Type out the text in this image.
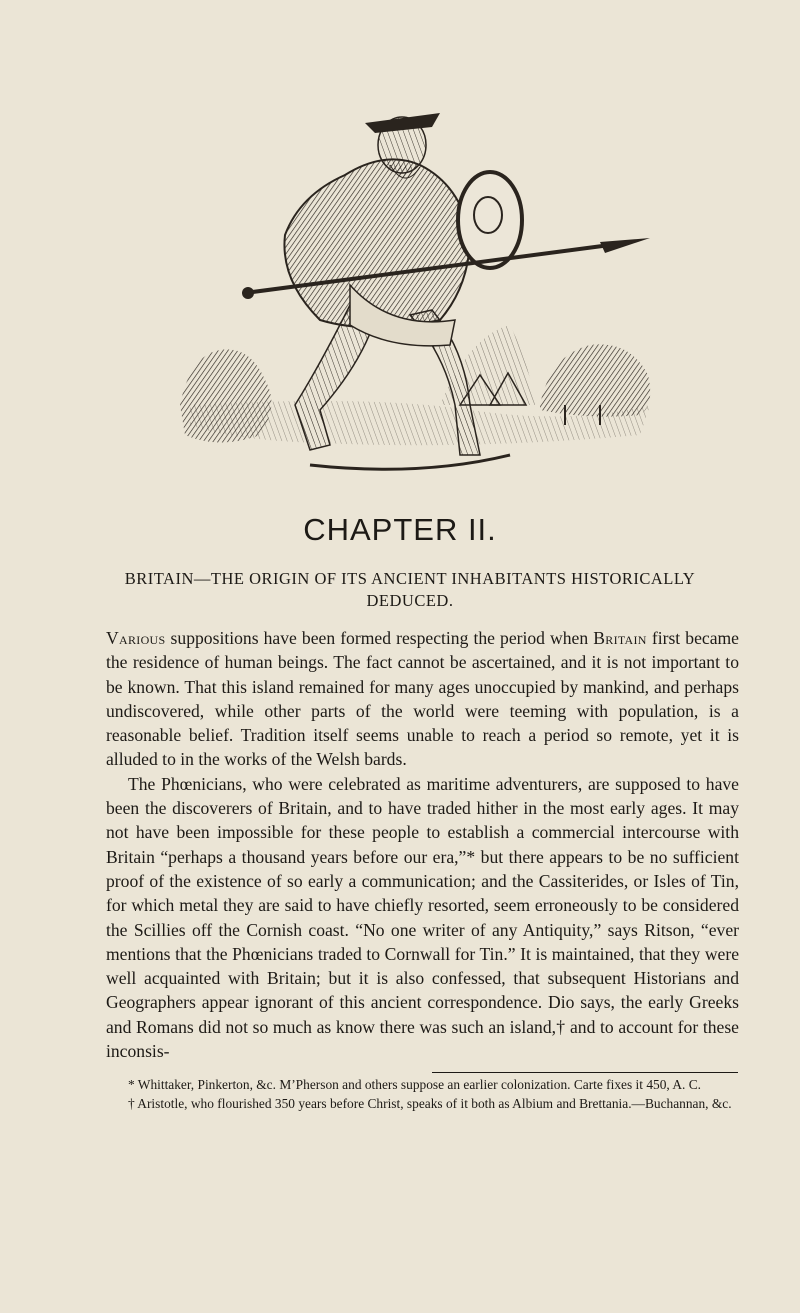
CHAPTER II.
BRITAIN—THE ORIGIN OF ITS ANCIENT INHABITANTS HISTORICALLY DEDUCED.

Various suppositions have been formed respecting the period when Britain first became the residence of human beings. The fact cannot be ascertained, and it is not important to be known. That this island remained for many ages unoccupied by mankind, and perhaps undiscovered, while other parts of the world were teeming with population, is a reasonable belief. Tradition itself seems unable to reach a period so remote, yet it is alluded to in the works of the Welsh bards.

The Phœnicians, who were celebrated as maritime adventurers, are supposed to have been the discoverers of Britain, and to have traded hither in the most early ages. It may not have been impossible for these people to establish a commercial intercourse with Britain “perhaps a thousand years before our era,”* but there appears to be no sufficient proof of the existence of so early a communication; and the Cassiterides, or Isles of Tin, for which metal they are said to have chiefly resorted, seem erroneously to be considered the Scillies off the Cornish coast. “No one writer of any Antiquity,” says Ritson, “ever mentions that the Phœnicians traded to Cornwall for Tin.” It is maintained, that they were well acquainted with Britain; but it is also confessed, that subsequent Historians and Geographers appear ignorant of this ancient correspondence. Dio says, the early Greeks and Romans did not so much as know there was such an island,† and to account for these inconsis-

* Whittaker, Pinkerton, &c. M’Pherson and others suppose an earlier colonization. Carte fixes it 450, A. C.

† Aristotle, who flourished 350 years before Christ, speaks of it both as Albium and Brettania.—Buchannan, &c.
